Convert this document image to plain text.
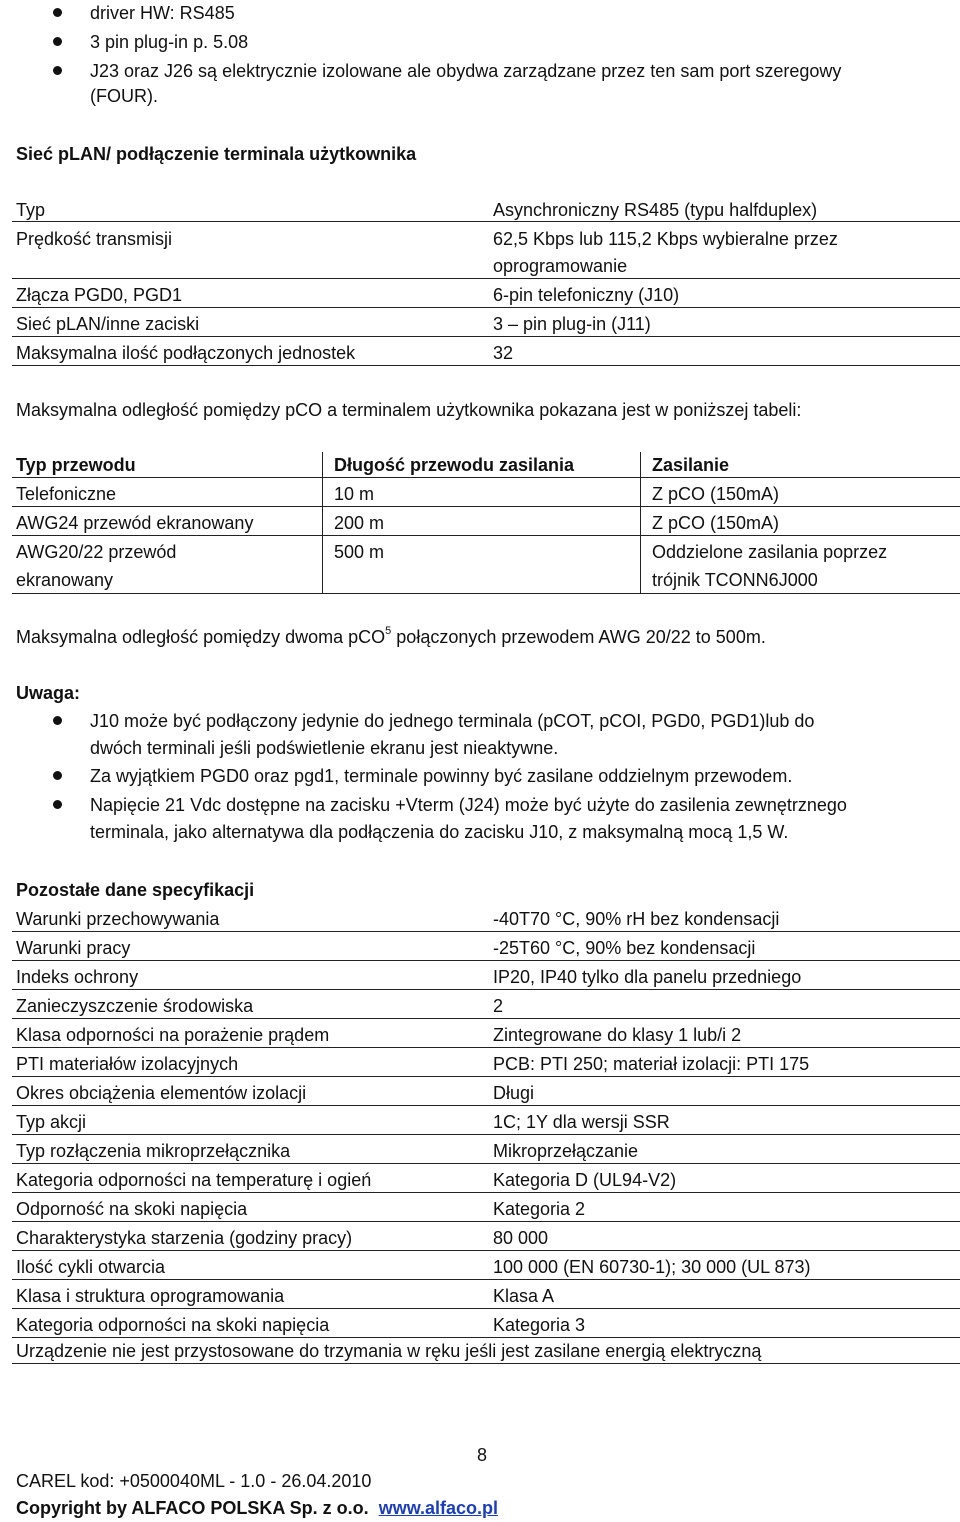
driver HW: RS485
3 pin plug-in p. 5.08
J23 oraz J26 są elektrycznie izolowane ale obydwa zarządzane przez ten sam port szeregowy
(FOUR).
Sieć pLAN/ podłączenie terminala użytkownika
Typ	Asynchroniczny RS485 (typu halfduplex)
Prędkość transmisji	62,5 Kbps lub 115,2 Kbps wybieralne przez
oprogramowanie
Złącza PGD0, PGD1	6-pin telefoniczny (J10)
Sieć pLAN/inne zaciski	3 – pin plug-in (J11)
Maksymalna ilość podłączonych jednostek	32
Maksymalna odległość pomiędzy pCO a terminalem użytkownika pokazana jest w poniższej tabeli:
Typ przewodu	Długość przewodu zasilania	Zasilanie
Telefoniczne	10 m	Z pCO (150mA)
AWG24 przewód ekranowany	200 m	Z pCO (150mA)
AWG20/22 przewód	500 m	Oddzielone zasilania poprzez
ekranowany	trójnik TCONN6J000
Maksymalna odległość pomiędzy dwoma pCO$^5$ połączonych przewodem AWG 20/22 to 500m.
Uwaga:
J10 może być podłączony jedynie do jednego terminala (pCOT, pCOI, PGD0, PGD1)lub do
dwóch terminali jeśli podświetlenie ekranu jest nieaktywne.
Za wyjątkiem PGD0 oraz pgd1, terminale powinny być zasilane oddzielnym przewodem.
Napięcie 21 Vdc dostępne na zacisku +Vterm (J24) może być użyte do zasilenia zewnętrznego
terminala, jako alternatywa dla podłączenia do zacisku J10, z maksymalną mocą 1,5 W.
Pozostałe dane specyfikacji
Warunki przechowywania	-40T70 °C, 90% rH bez kondensacji
Warunki pracy	-25T60 °C, 90% bez kondensacji
Indeks ochrony	IP20, IP40 tylko dla panelu przedniego
Zanieczyszczenie środowiska	2
Klasa odporności na porażenie prądem	Zintegrowane do klasy 1 lub/i 2
PTI materiałów izolacyjnych	PCB: PTI 250; materiał izolacji: PTI 175
Okres obciążenia elementów izolacji	Długi
Typ akcji	1C; 1Y dla wersji SSR
Typ rozłączenia mikroprzełącznika	Mikroprzełączanie
Kategoria odporności na temperaturę i ogień	Kategoria D (UL94-V2)
Odporność na skoki napięcia	Kategoria 2
Charakterystyka starzenia (godziny pracy)	80 000
Ilość cykli otwarcia	100 000 (EN 60730-1); 30 000 (UL 873)
Klasa i struktura oprogramowania	Klasa A
Kategoria odporności na skoki napięcia	Kategoria 3
Urządzenie nie jest przystosowane do trzymania w ręku jeśli jest zasilane energią elektryczną
8
CAREL kod: +0500040ML - 1.0 - 26.04.2010
Copyright by ALFACO POLSKA Sp. z o.o. www.alfaco.pl
